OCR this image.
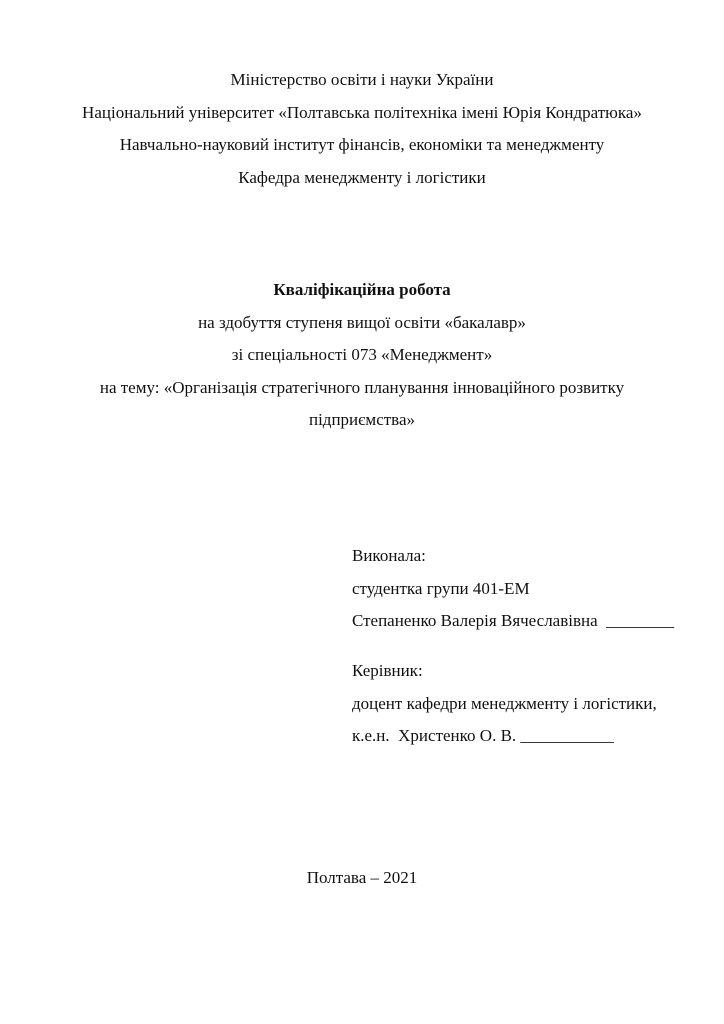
Міністерство освіти і науки України

Національний університет «Полтавська політехніка імені Юрія Кондратюка»

Навчально-науковий інститут фінансів, економіки та менеджменту

Кафедра менеджменту і логістики

Кваліфікаційна робота

на здобуття ступеня вищої освіти «бакалавр»

зі спеціальності 073 «Менеджмент»

на тему: «Організація стратегічного планування інноваційного розвитку

підприємства»

Виконала:

студентка групи 401-ЕМ

Степаненко Валерія Вячеславівна  ________

Керівник:

доцент кафедри менеджменту і логістики,

к.е.н.  Христенко О. В. ___________

Полтава – 2021
